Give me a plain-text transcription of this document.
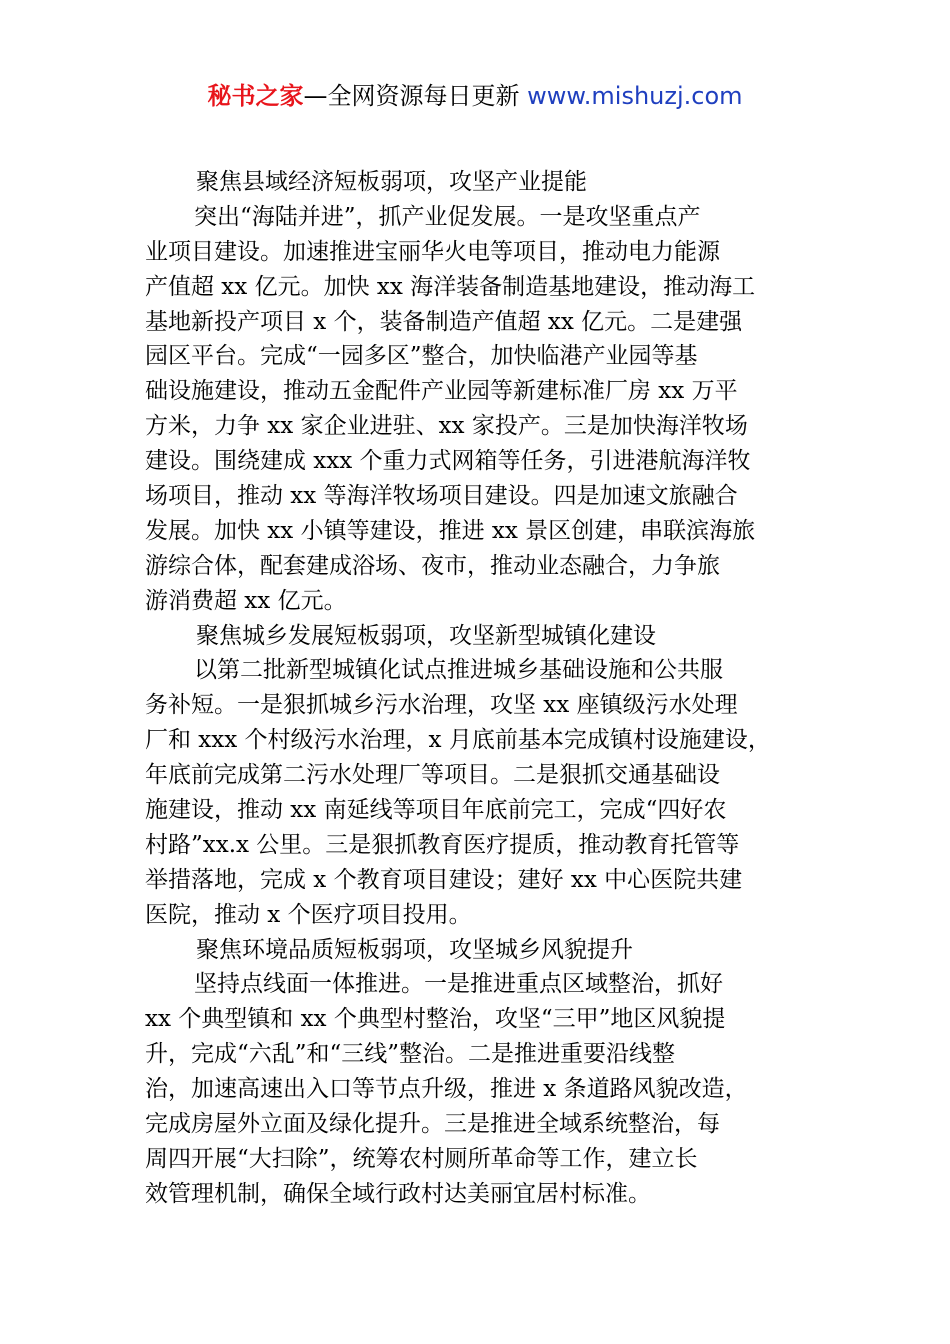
秘书之家—全网资源每日更新 www.mishuzj.com
聚焦县域经济短板弱项，攻坚产业提能
突出“海陆并进”，抓产业促发展。一是攻坚重点产
业项目建设。加速推进宝丽华火电等项目，推动电力能源
产值超 xx 亿元。加快 xx 海洋装备制造基地建设，推动海工
基地新投产项目 x 个，装备制造产值超 xx 亿元。二是建强
园区平台。完成“一园多区”整合，加快临港产业园等基
础设施建设，推动五金配件产业园等新建标准厂房 xx 万平
方米，力争 xx 家企业进驻、xx 家投产。三是加快海洋牧场
建设。围绕建成 xxx 个重力式网箱等任务，引进港航海洋牧
场项目，推动 xx 等海洋牧场项目建设。四是加速文旅融合
发展。加快 xx 小镇等建设，推进 xx 景区创建，串联滨海旅
游综合体，配套建成浴场、夜市，推动业态融合，力争旅
游消费超 xx 亿元。
聚焦城乡发展短板弱项，攻坚新型城镇化建设
以第二批新型城镇化试点推进城乡基础设施和公共服
务补短。一是狠抓城乡污水治理，攻坚 xx 座镇级污水处理
厂和 xxx 个村级污水治理，x 月底前基本完成镇村设施建设，
年底前完成第二污水处理厂等项目。二是狠抓交通基础设
施建设，推动 xx 南延线等项目年底前完工，完成“四好农
村路”xx.x 公里。三是狠抓教育医疗提质，推动教育托管等
举措落地，完成 x 个教育项目建设；建好 xx 中心医院共建
医院，推动 x 个医疗项目投用。
聚焦环境品质短板弱项，攻坚城乡风貌提升
坚持点线面一体推进。一是推进重点区域整治，抓好
xx 个典型镇和 xx 个典型村整治，攻坚“三甲”地区风貌提
升，完成“六乱”和“三线”整治。二是推进重要沿线整
治，加速高速出入口等节点升级，推进 x 条道路风貌改造，
完成房屋外立面及绿化提升。三是推进全域系统整治，每
周四开展“大扫除”，统筹农村厕所革命等工作，建立长
效管理机制，确保全域行政村达美丽宜居村标准。
